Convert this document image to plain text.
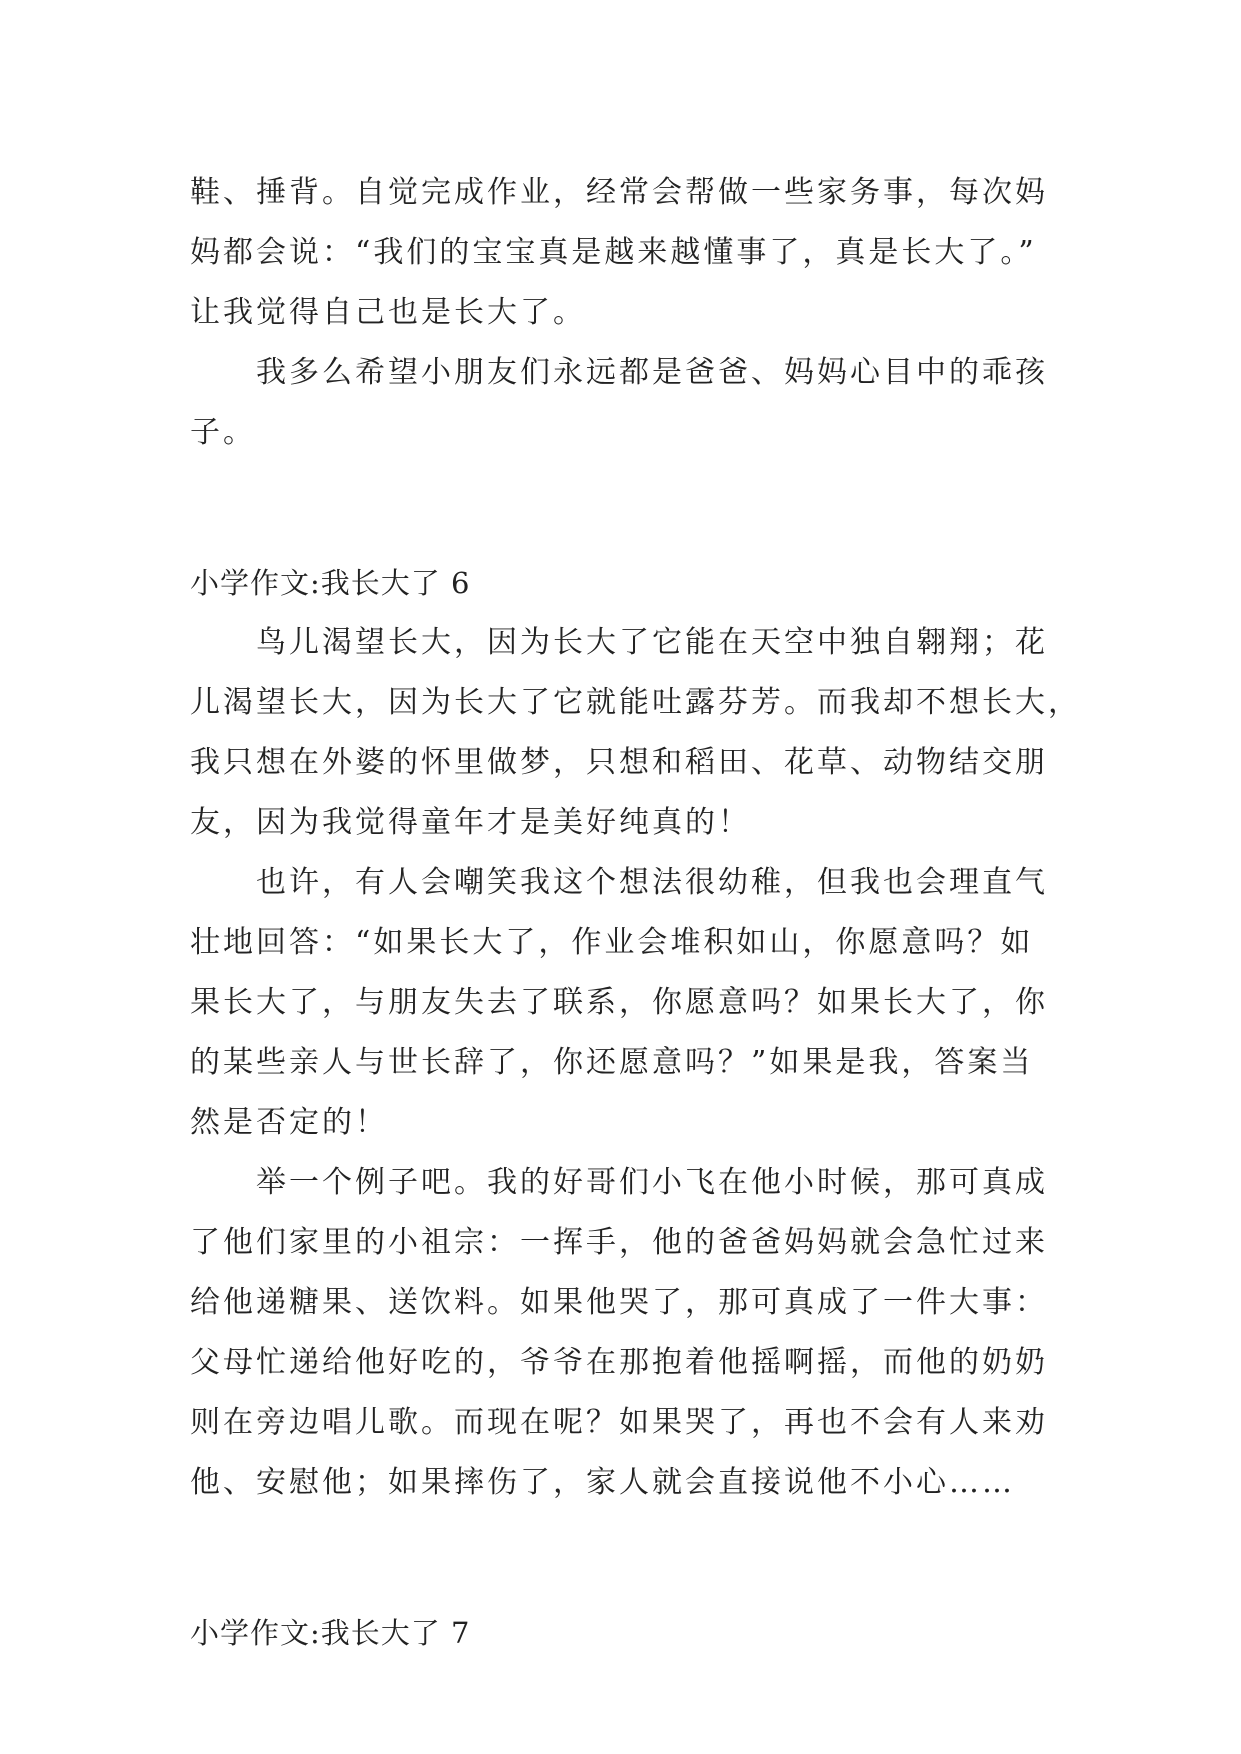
鞋、捶背。自觉完成作业，经常会帮做一些家务事，每次妈
妈都会说：“我们的宝宝真是越来越懂事了，真是长大了。”
让我觉得自己也是长大了。
　　我多么希望小朋友们永远都是爸爸、妈妈心目中的乖孩
子。
小学作文:我长大了 6
　　鸟儿渴望长大，因为长大了它能在天空中独自翱翔；花
儿渴望长大，因为长大了它就能吐露芬芳。而我却不想长大，
我只想在外婆的怀里做梦，只想和稻田、花草、动物结交朋
友，因为我觉得童年才是美好纯真的！
　　也许，有人会嘲笑我这个想法很幼稚，但我也会理直气
壮地回答：“如果长大了，作业会堆积如山，你愿意吗？如
果长大了，与朋友失去了联系，你愿意吗？如果长大了，你
的某些亲人与世长辞了，你还愿意吗？”如果是我，答案当
然是否定的！
　　举一个例子吧。我的好哥们小飞在他小时候，那可真成
了他们家里的小祖宗：一挥手，他的爸爸妈妈就会急忙过来
给他递糖果、送饮料。如果他哭了，那可真成了一件大事：
父母忙递给他好吃的，爷爷在那抱着他摇啊摇，而他的奶奶
则在旁边唱儿歌。而现在呢？如果哭了，再也不会有人来劝
他、安慰他；如果摔伤了，家人就会直接说他不小心……
小学作文:我长大了 7
